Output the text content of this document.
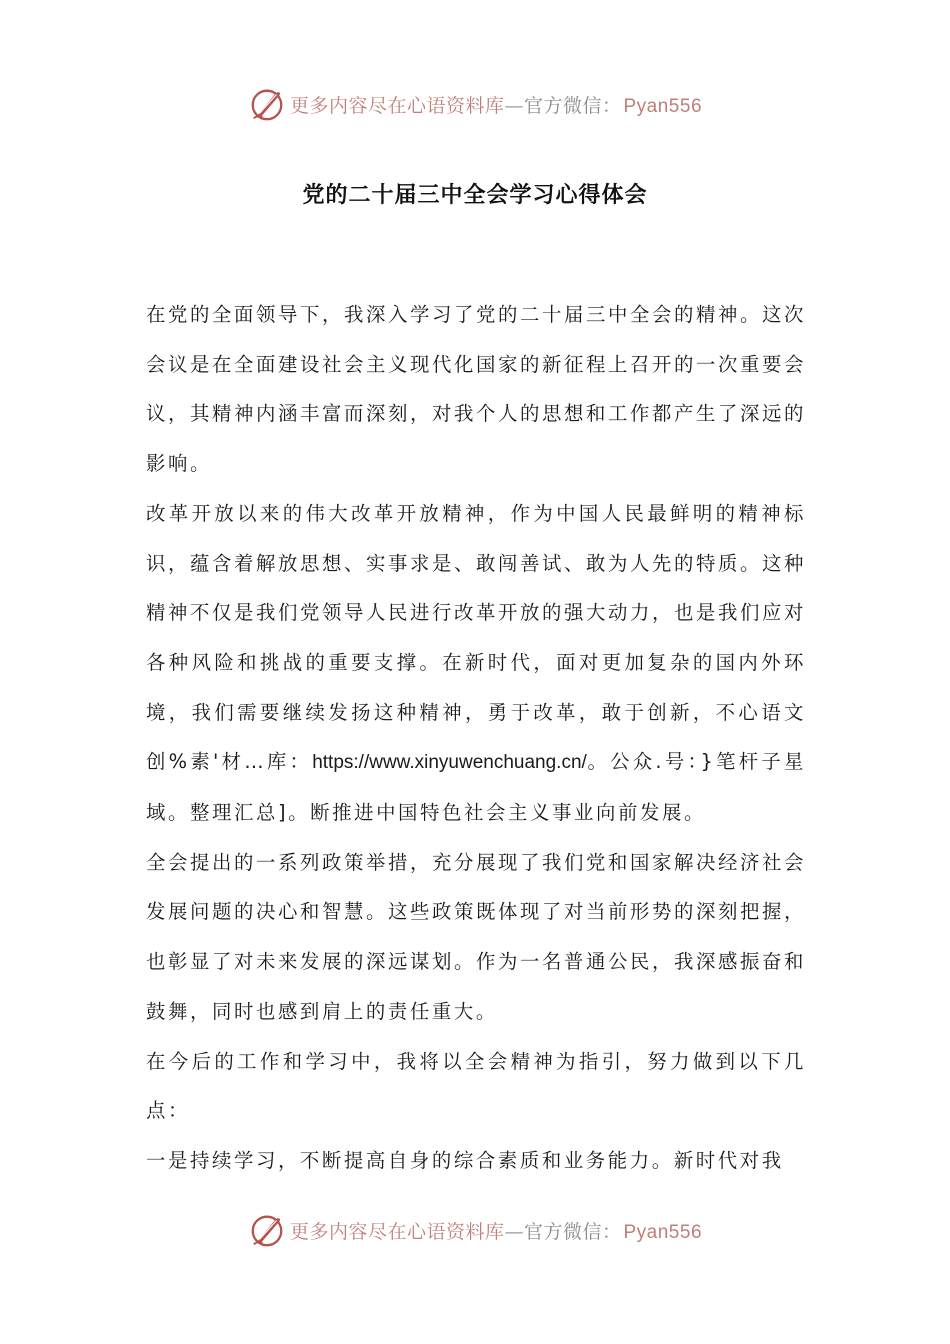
更多内容尽在心语资料库—官方微信： Pyan556
党的二十届三中全会学习心得体会

在党的全面领导下，我深入学习了党的二十届三中全会的精神。这次会议是在全面建设社会主义现代化国家的新征程上召开的一次重要会议，其精神内涵丰富而深刻，对我个人的思想和工作都产生了深远的影响。

改革开放以来的伟大改革开放精神，作为中国人民最鲜明的精神标识，蕴含着解放思想、实事求是、敢闯善试、敢为人先的特质。这种精神不仅是我们党领导人民进行改革开放的强大动力，也是我们应对各种风险和挑战的重要支撑。在新时代，面对更加复杂的国内外环境，我们需要继续发扬这种精神，勇于改革，敢于创新，不心语文创%素'材…库：https://www.xinyuwenchuang.cn/。公众.号：}笔杆子星域。整理汇总]。断推进中国特色社会主义事业向前发展。

全会提出的一系列政策举措，充分展现了我们党和国家解决经济社会发展问题的决心和智慧。这些政策既体现了对当前形势的深刻把握，也彰显了对未来发展的深远谋划。作为一名普通公民，我深感振奋和鼓舞，同时也感到肩上的责任重大。

在今后的工作和学习中，我将以全会精神为指引，努力做到以下几点：

一是持续学习，不断提高自身的综合素质和业务能力。新时代对我

更多内容尽在心语资料库—官方微信： Pyan556
